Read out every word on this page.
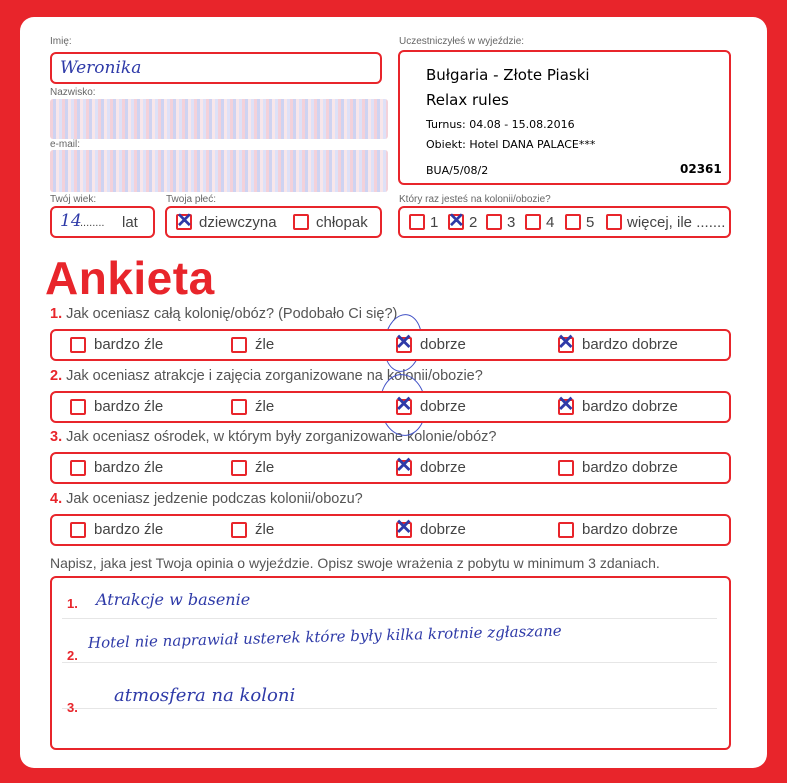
Imię:
Weronika
Nazwisko:
e-mail:
Uczestniczyłeś w wyjeździe:
Bułgaria - Złote Piaski
Relax rules
Turnus: 04.08 - 15.08.2016
Obiekt: Hotel DANA PALACE***
BUA/5/08/2	02361
Twój wiek:
14
........ lat
Twoja płeć:
✕ dziewczyna	chłopak
Który raz jesteś na kolonii/obozie?
1 ✕ 2 3 4 5 więcej, ile .......
Ankieta
1. Jak oceniasz całą kolonię/obóz? (Podobało Ci się?)
2. Jak oceniasz atrakcje i zajęcia zorganizowane na kolonii/obozie?
3. Jak oceniasz ośrodek, w którym były zorganizowane kolonie/obóz?
4. Jak oceniasz jedzenie podczas kolonii/obozu?
Napisz, jaka jest Twoja opinia o wyjeździe. Opisz swoje wrażenia z pobytu w minimum 3 zdaniach.
1. Atrakcje w basenie
2.
Hotel nie naprawiał usterek które były kilka krotnie zgłaszane
3.
atmosfera na koloni
bardzo źle	źle	dobrze
✕	bardzo dobrze
✕
bardzo źle	źle	dobrze
✕	bardzo dobrze
✕
bardzo źle	źle	dobrze
✕	bardzo dobrze
bardzo źle	źle	dobrze
✕	bardzo dobrze
